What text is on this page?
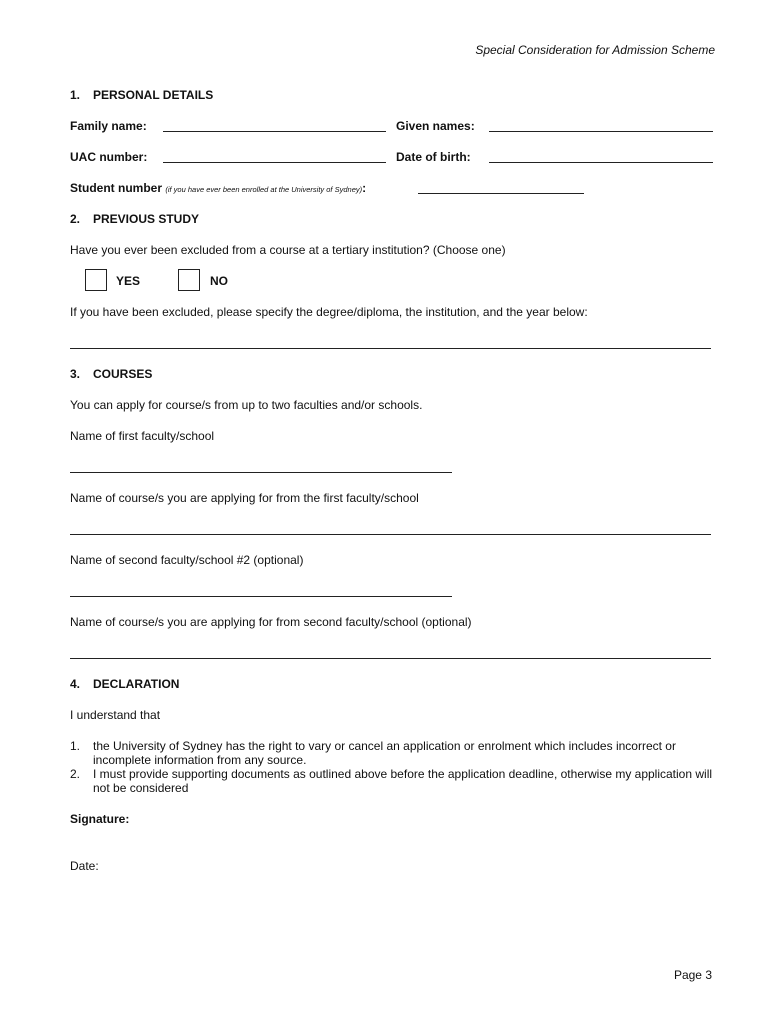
Special Consideration for Admission Scheme
1. PERSONAL DETAILS
Family name:	Given names:
UAC number:	Date of birth:
Student number (if you have ever been enrolled at the University of Sydney):
2. PREVIOUS STUDY
Have you ever been excluded from a course at a tertiary institution? (Choose one)
YES	NO
If you have been excluded, please specify the degree/diploma, the institution, and the year below:
3. COURSES
You can apply for course/s from up to two faculties and/or schools.
Name of first faculty/school
Name of course/s you are applying for from the first faculty/school
Name of second faculty/school #2 (optional)
Name of course/s you are applying for from second faculty/school (optional)
4. DECLARATION
I understand that
1. the University of Sydney has the right to vary or cancel an application or enrolment which includes incorrect or incomplete information from any source.
2. I must provide supporting documents as outlined above before the application deadline, otherwise my application will not be considered
Signature:
Date:
Page 3
